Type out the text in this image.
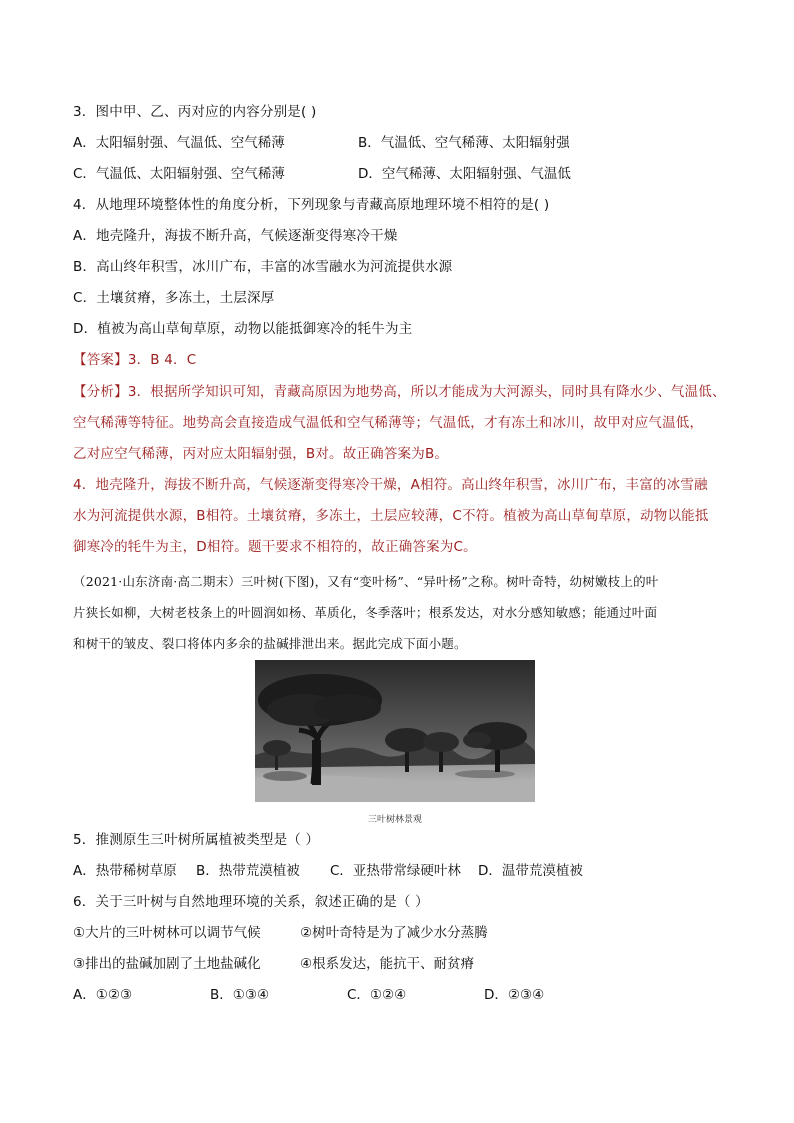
3．图中甲、乙、丙对应的内容分别是( )
A．太阳辐射强、气温低、空气稀薄	B．气温低、空气稀薄、太阳辐射强
C．气温低、太阳辐射强、空气稀薄	D．空气稀薄、太阳辐射强、气温低
4．从地理环境整体性的角度分析，下列现象与青藏高原地理环境不相符的是( )
A．地壳隆升，海拔不断升高，气候逐渐变得寒冷干燥
B．高山终年积雪，冰川广布，丰富的冰雪融水为河流提供水源
C．土壤贫瘠，多冻土，土层深厚
D．植被为高山草甸草原，动物以能抵御寒冷的牦牛为主
【答案】3．B 4．C
【分析】3．根据所学知识可知，青藏高原因为地势高，所以才能成为大河源头，同时具有降水少、气温低、
空气稀薄等特征。地势高会直接造成气温低和空气稀薄等；气温低，才有冻土和冰川，故甲对应气温低，
乙对应空气稀薄，丙对应太阳辐射强，B对。故正确答案为B。
4．地壳隆升，海拔不断升高，气候逐渐变得寒冷干燥，A相符。高山终年积雪，冰川广布，丰富的冰雪融
水为河流提供水源，B相符。土壤贫瘠，多冻土，土层应较薄，C不符。植被为高山草甸草原，动物以能抵
御寒冷的牦牛为主，D相符。题干要求不相符的，故正确答案为C。
（2021·山东济南·高二期末）三叶树(下图)，又有“变叶杨”、“异叶杨”之称。树叶奇特，幼树嫩枝上的叶
片狭长如柳，大树老枝条上的叶圆润如杨、革质化，冬季落叶；根系发达，对水分感知敏感；能通过叶面
和树干的皱皮、裂口将体内多余的盐碱排泄出来。据此完成下面小题。
三叶树林景观
5．推测原生三叶树所属植被类型是（ ）
A．热带稀树草原 B．热带荒漠植被 C．亚热带常绿硬叶林 D．温带荒漠植被
6．关于三叶树与自然地理环境的关系，叙述正确的是（ ）
①大片的三叶树林可以调节气候	②树叶奇特是为了减少水分蒸腾
③排出的盐碱加剧了土地盐碱化	④根系发达，能抗干、耐贫瘠
A．①②③	B．①③④	C．①②④	D．②③④
